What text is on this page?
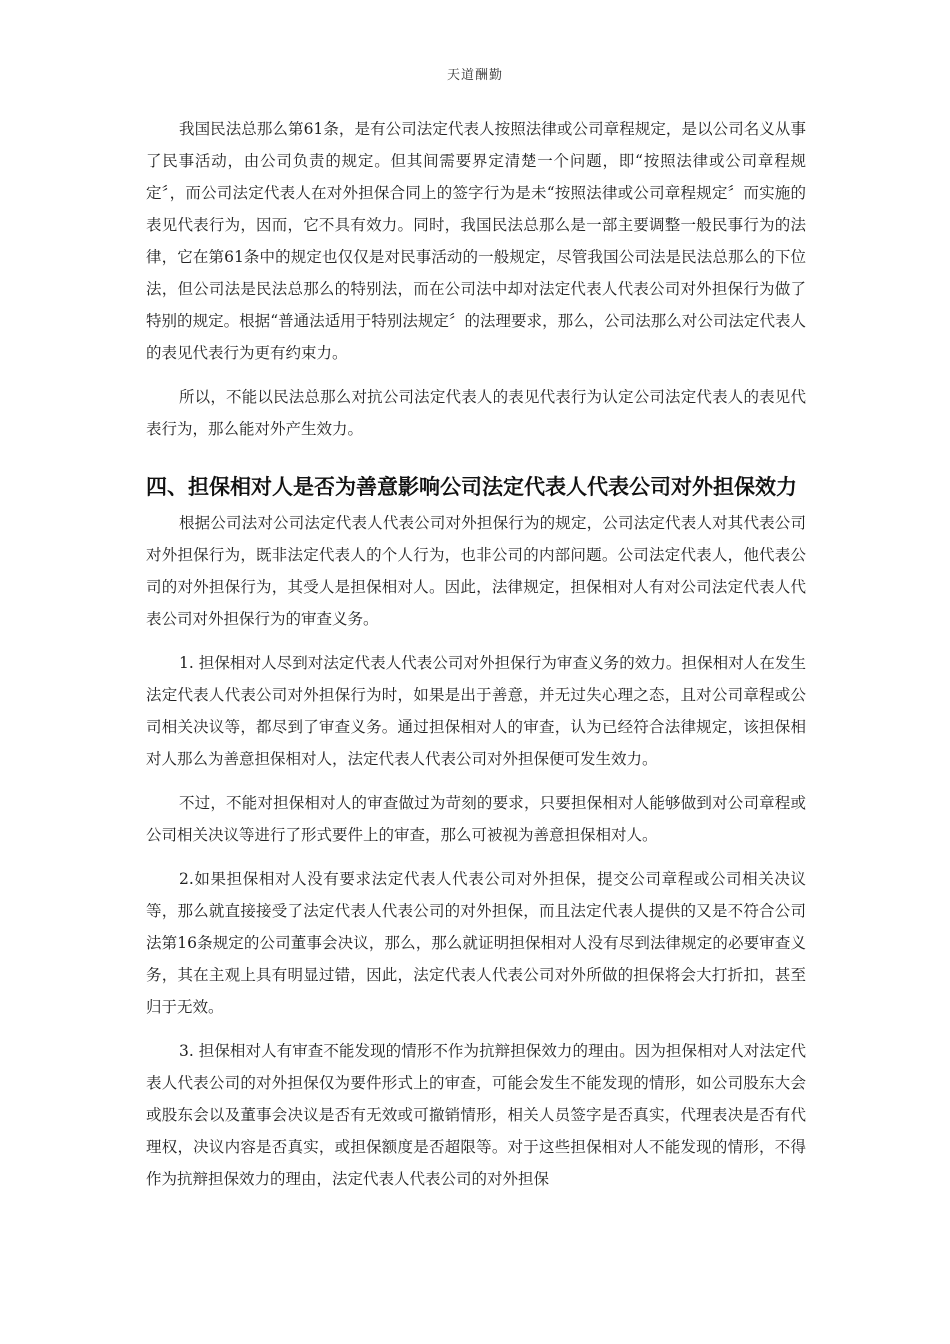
天道酬勤

我国民法总那么第61条，是有公司法定代表人按照法律或公司章程规定，是以公司名义从事了民事活动，由公司负责的规定。但其间需要界定清楚一个问题，即“按照法律或公司章程规定〞，而公司法定代表人在对外担保合同上的签字行为是未“按照法律或公司章程规定〞而实施的表见代表行为，因而，它不具有效力。同时，我国民法总那么是一部主要调整一般民事行为的法律，它在第61条中的规定也仅仅是对民事活动的一般规定，尽管我国公司法是民法总那么的下位法，但公司法是民法总那么的特别法，而在公司法中却对法定代表人代表公司对外担保行为做了特别的规定。根据“普通法适用于特别法规定〞的法理要求，那么，公司法那么对公司法定代表人的表见代表行为更有约束力。

所以，不能以民法总那么对抗公司法定代表人的表见代表行为认定公司法定代表人的表见代表行为，那么能对外产生效力。

四、担保相对人是否为善意影响公司法定代表人代表公司对外担保效力

根据公司法对公司法定代表人代表公司对外担保行为的规定，公司法定代表人对其代表公司对外担保行为，既非法定代表人的个人行为，也非公司的内部问题。公司法定代表人，他代表公司的对外担保行为，其受人是担保相对人。因此，法律规定，担保相对人有对公司法定代表人代表公司对外担保行为的审查义务。

1. 担保相对人尽到对法定代表人代表公司对外担保行为审查义务的效力。担保相对人在发生法定代表人代表公司对外担保行为时，如果是出于善意，并无过失心理之态，且对公司章程或公司相关决议等，都尽到了审查义务。通过担保相对人的审查，认为已经符合法律规定，该担保相对人那么为善意担保相对人，法定代表人代表公司对外担保便可发生效力。

不过，不能对担保相对人的审查做过为苛刻的要求，只要担保相对人能够做到对公司章程或公司相关决议等进行了形式要件上的审查，那么可被视为善意担保相对人。

2.如果担保相对人没有要求法定代表人代表公司对外担保，提交公司章程或公司相关决议等，那么就直接接受了法定代表人代表公司的对外担保，而且法定代表人提供的又是不符合公司法第16条规定的公司董事会决议，那么，那么就证明担保相对人没有尽到法律规定的必要审查义务，其在主观上具有明显过错，因此，法定代表人代表公司对外所做的担保将会大打折扣，甚至归于无效。

3. 担保相对人有审查不能发现的情形不作为抗辩担保效力的理由。因为担保相对人对法定代表人代表公司的对外担保仅为要件形式上的审查，可能会发生不能发现的情形，如公司股东大会或股东会以及董事会决议是否有无效或可撤销情形，相关人员签字是否真实，代理表决是否有代理权，决议内容是否真实，或担保额度是否超限等。对于这些担保相对人不能发现的情形，不得作为抗辩担保效力的理由，法定代表人代表公司的对外担保
